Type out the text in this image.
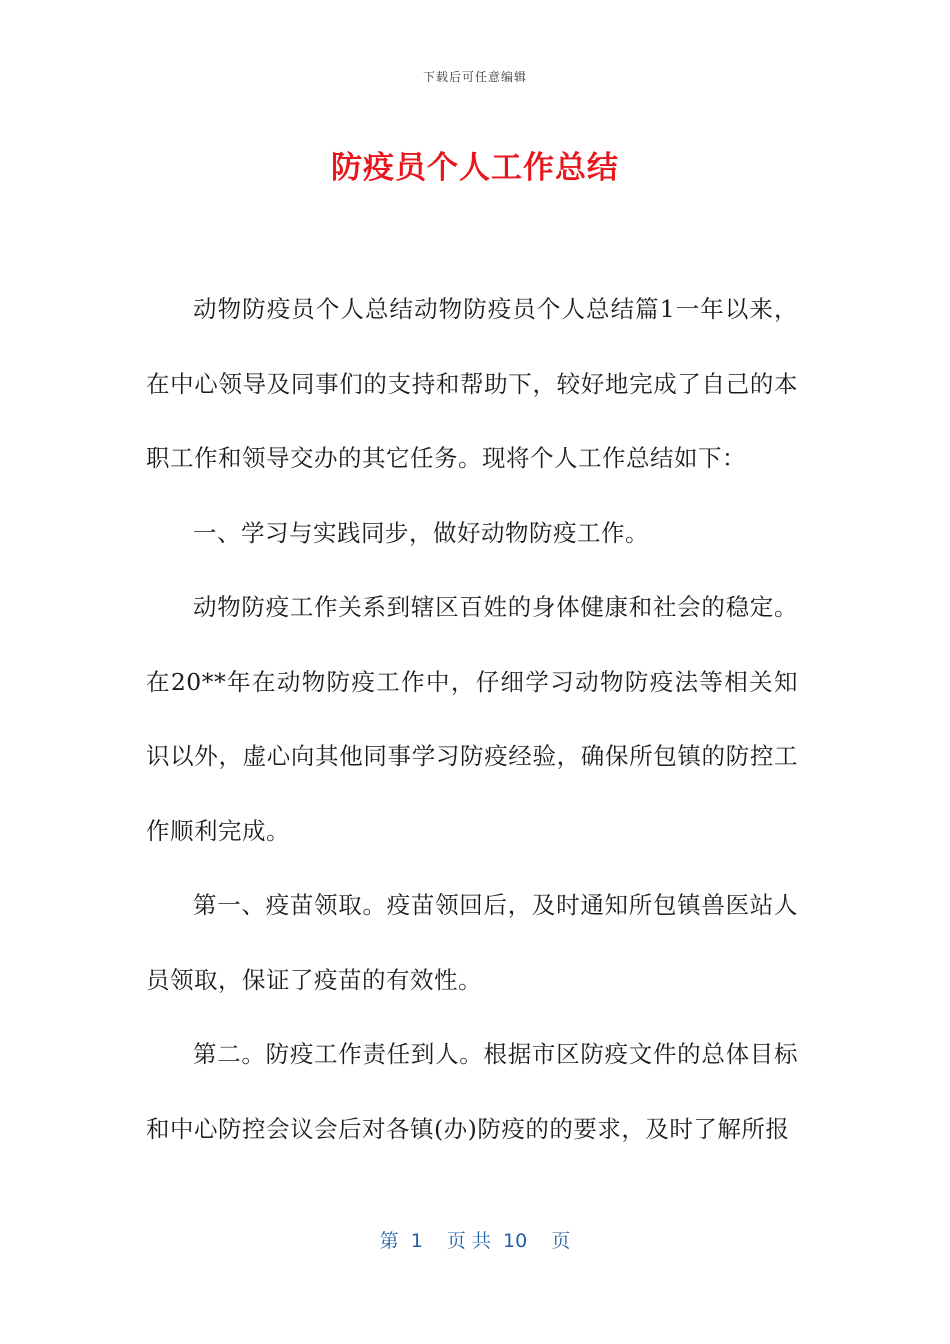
下载后可任意编辑
防疫员个人工作总结

动物防疫员个人总结动物防疫员个人总结篇1一年以来，在中心领导及同事们的支持和帮助下，较好地完成了自己的本职工作和领导交办的其它任务。现将个人工作总结如下：

一、学习与实践同步，做好动物防疫工作。

动物防疫工作关系到辖区百姓的身体健康和社会的稳定。在20**年在动物防疫工作中，仔细学习动物防疫法等相关知识以外，虚心向其他同事学习防疫经验，确保所包镇的防控工作顺利完成。

第一、疫苗领取。疫苗领回后，及时通知所包镇兽医站人员领取，保证了疫苗的有效性。

第二。防疫工作责任到人。根据市区防疫文件的总体目标和中心防控会议会后对各镇(办)防疫的的要求，及时了解所报

第  1    页 共  10    页
